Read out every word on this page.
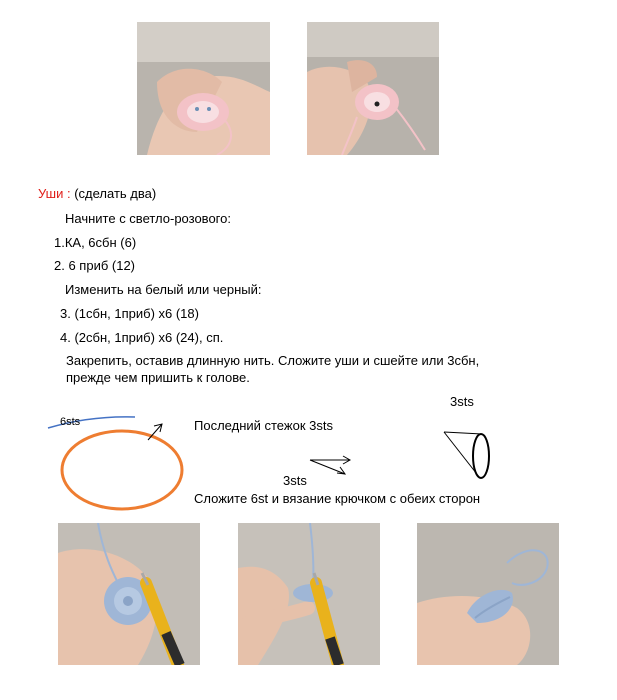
Уши : (сделать два)
Начните с светло-розового:
1.КА, 6сбн (6)
2. 6 приб (12)
Изменить на белый или черный:
3. (1сбн, 1приб) x6 (18)
4. (2сбн, 1приб) x6 (24), сп.
Закрепить, оставив длинную нить. Сложите уши и сшейте или 3сбн,
прежде чем пришить к голове.
6sts	Последний стежок 3sts
3sts
3sts
Сложите 6st и вязание крючком с обеих сторон
